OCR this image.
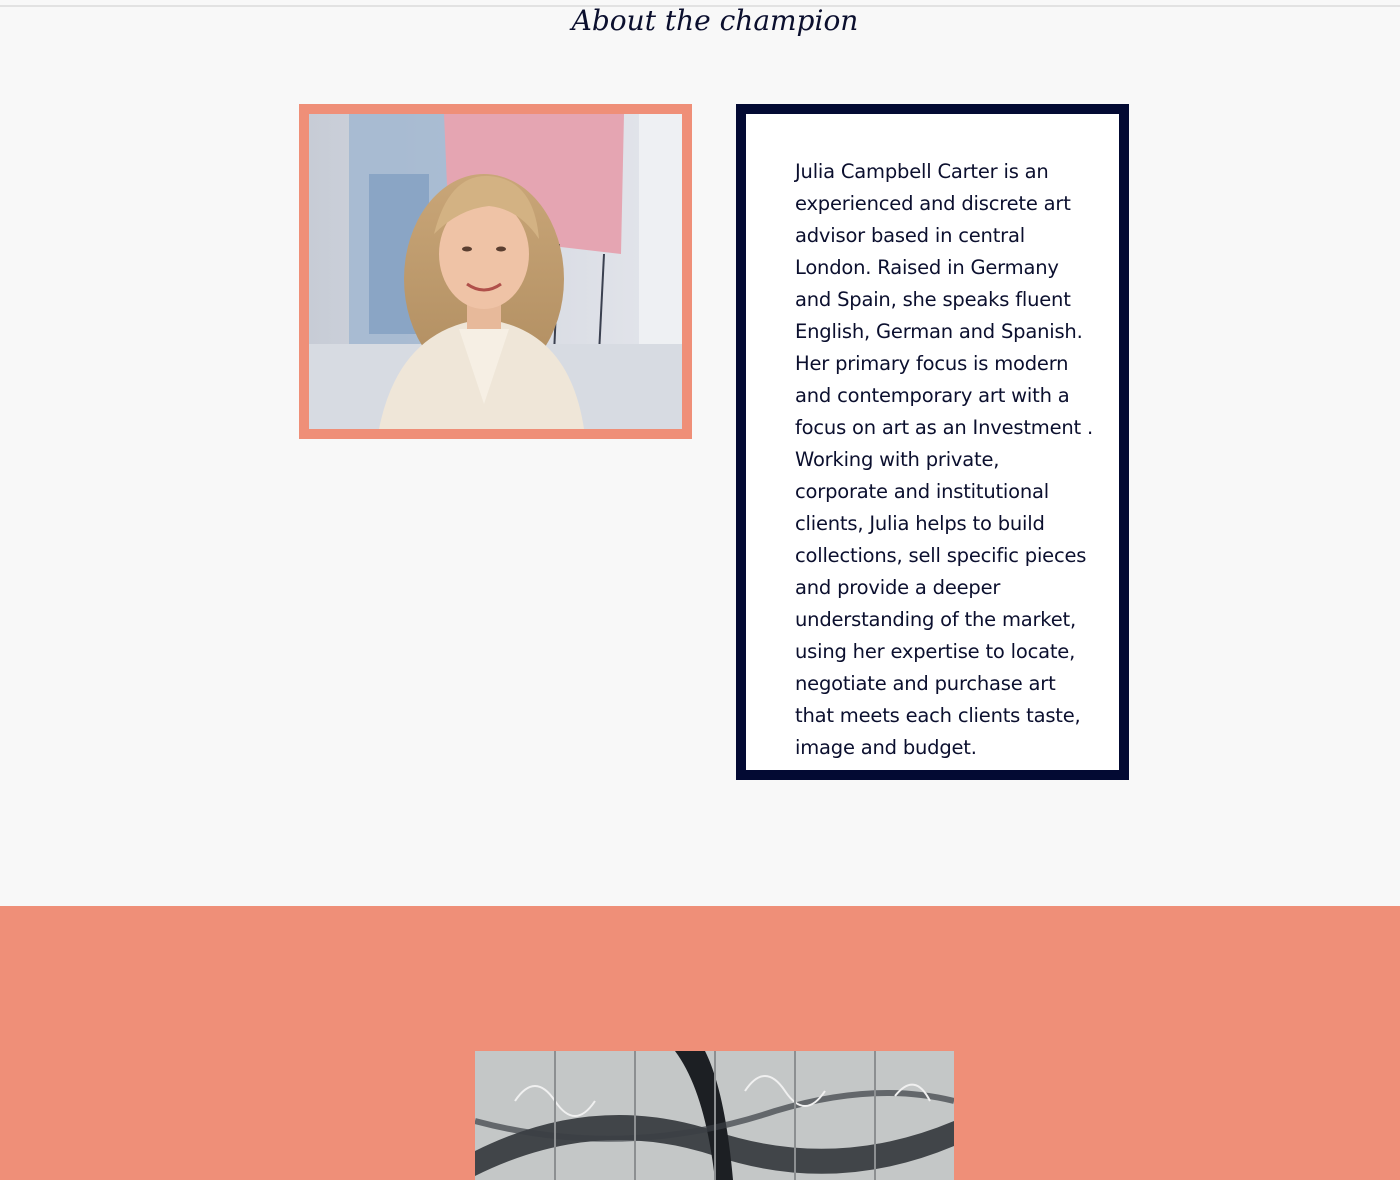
About the champion

Julia Campbell Carter is an experienced and discrete art advisor based in central London. Raised in Germany and Spain, she speaks fluent English, German and Spanish. Her primary focus is modern and contemporary art with a focus on art as an Investment . Working with private, corporate and institutional clients, Julia helps to build collections, sell specific pieces and provide a deeper understanding of the market, using her expertise to locate, negotiate and purchase art that meets each clients taste, image and budget.
